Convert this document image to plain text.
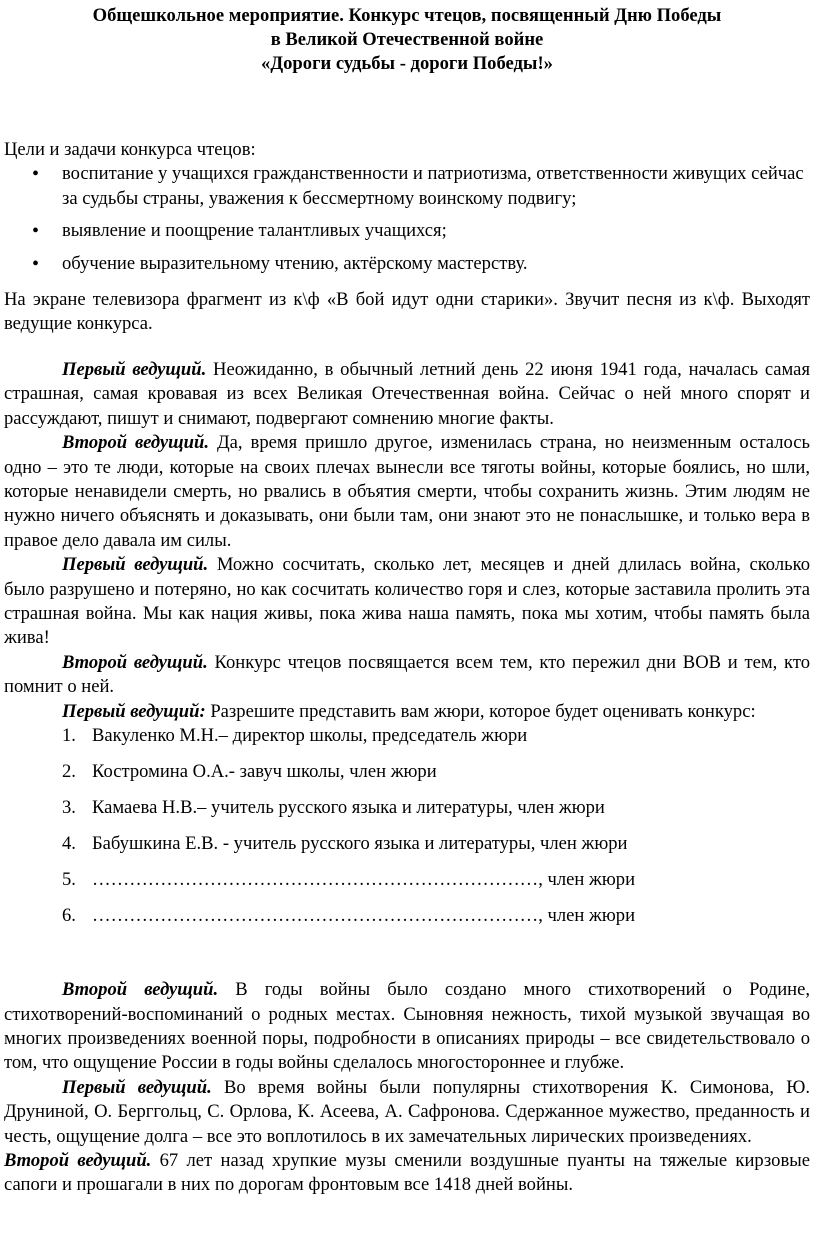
Общешкольное мероприятие. Конкурс чтецов, посвященный Дню Победы
в Великой Отечественной войне
«Дороги судьбы - дороги Победы!»
Цели и задачи конкурса чтецов:
• воспитание у учащихся гражданственности и патриотизма, ответственности живущих сейчас за судьбы страны, уважения к бессмертному воинскому подвигу;
• выявление и поощрение талантливых учащихся;
• обучение выразительному чтению, актёрскому мастерству.

На экране телевизора фрагмент из к\ф «В бой идут одни старики». Звучит песня из к\ф. Выходят ведущие конкурса.

Первый ведущий. Неожиданно, в обычный летний день 22 июня 1941 года, началась самая страшная, самая кровавая из всех Великая Отечественная война. Сейчас о ней много спорят и рассуждают, пишут и снимают, подвергают сомнению многие факты.

Второй ведущий. Да, время пришло другое, изменилась страна, но неизменным осталось одно – это те люди, которые на своих плечах вынесли все тяготы войны, которые боялись, но шли, которые ненавидели смерть, но рвались в объятия смерти, чтобы сохранить жизнь. Этим людям не нужно ничего объяснять и доказывать, они были там, они знают это не понаслышке, и только вера в правое дело давала им силы.

Первый ведущий. Можно сосчитать, сколько лет, месяцев и дней длилась война, сколько было разрушено и потеряно, но как сосчитать количество горя и слез, которые заставила пролить эта страшная война. Мы как нация живы, пока жива наша память, пока мы хотим, чтобы память была жива!

Второй ведущий. Конкурс чтецов посвящается всем тем, кто пережил дни ВОВ и тем, кто помнит о ней.

Первый ведущий: Разрешите представить вам жюри, которое будет оценивать конкурс:

1. Вакуленко М.Н.– директор школы, председатель жюри
2. Костромина О.А.- завуч школы, член жюри
3. Камаева Н.В.– учитель русского языка и литературы, член жюри
4. Бабушкина Е.В. - учитель русского языка и литературы, член жюри
5. ………………………………………………………………, член жюри
6. ………………………………………………………………, член жюри

Второй ведущий. В годы войны было создано много стихотворений о Родине, стихотворений-воспоминаний о родных местах. Сыновняя нежность, тихой музыкой звучащая во многих произведениях военной поры, подробности в описаниях природы – все свидетельствовало о том, что ощущение России в годы войны сделалось многостороннее и глубже.

Первый ведущий. Во время войны были популярны стихотворения К. Симонова, Ю. Друниной, О. Берггольц, С. Орлова, К. Асеева, А. Сафронова. Сдержанное мужество, преданность и честь, ощущение долга – все это воплотилось в их замечательных лирических произведениях.

Второй ведущий. 67 лет назад хрупкие музы сменили воздушные пуанты на тяжелые кирзовые сапоги и прошагали в них по дорогам фронтовым все 1418 дней войны.
